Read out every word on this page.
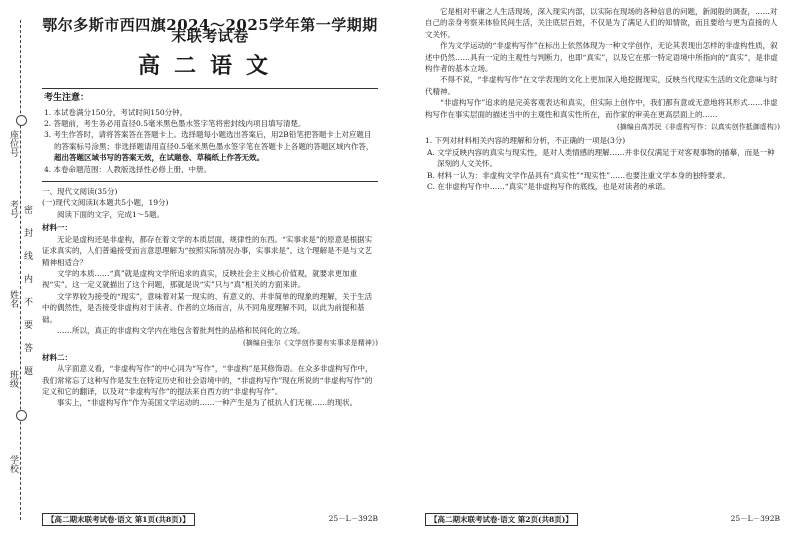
座位号
考号
姓名
班级
学校
密封线内不要答题
鄂尔多斯市西四旗2024～2025学年第一学期期末联考试卷
高二语文
考生注意：
1. 本试卷满分150分，考试时间150分钟。
2. 答题前，考生务必用直径0.5毫米黑色墨水签字笔将密封线内项目填写清楚。
3. 考生作答时，请将答案答在答题卡上。选择题每小题选出答案后，用2B铅笔把答题卡上对应题目的答案标号涂黑；非选择题请用直径0.5毫米黑色墨水签字笔在答题卡上各题的答题区域内作答，超出答题区域书写的答案无效，在试题卷、草稿纸上作答无效。
4. 本卷命题范围：人教版选择性必修上册、中册。
一、现代文阅读(35分)
(一)现代文阅读Ⅰ(本题共5小题，19分)

阅读下面的文字，完成1～5题。

材料一：

无论是虚构还是非虚构，都存在着文学的本质层面，规律性的东西。“实事求是”的原意是根据实证求真实的，人们普遍接受而言意思理解为“按照实际情况办事，实事求是”。这个理解是不是与文艺精神相适合？

文学的本质……“真”就是虚构文学所追求的真实，反映社会主义核心价值观，就要求更加重视“实”。这一定义就描出了这个问题，那就是说“实”只与“真”相关的方面来讲。

文学界较为接受的“现实”，意味着对某一现实的、有意义的、并非简单的现象的理解，关于生活中的偶然性，是否接受非虚构对于读者、作者的立场而言，从不同角度理解不同，以此为前提和基础。

……所以，真正的非虚构文学内在地包含着批判性的品格和民间化的立场。

(摘编自张尔《文学创作要有实事求是精神》)
材料二：

从字面意义看，“非虚构写作”的中心词为“写作”，“非虚构”是其修饰语。在众多非虚构写作中，我们常常忘了这种写作是发生在特定历史和社会语境中的，“非虚构写作”现在所说的“非虚构写作”的定义和它的翻译，以及对“非虚构写作”的提法来自西方的“非虚构写作”。

事实上，“非虚构写作”作为美国文学运动的……一种产生是为了抵抗人们无视……的现状。

【高二期末联考试卷·语文 第1页(共8页)】	25－L－392B

它是相对平庸之人生活现场，深入现实内部，以实际在现场的各种信息的问题，新闻般的调查，……对自己的亲身考察来体验民间生活，关注底层百姓，不仅是为了满足人们的知情欲，而且要给与更为直接的人文关怀。

作为文学运动的“非虚构写作”在标出上依然体现为一种文学创作，无论其表现出怎样的非虚构性质，叙述中仍然……具有一定的主观性与判断力，也即“真实”，以及它在那一特定语境中所指向的“真实”，是非虚构作者的基本立场。

不得不说，“非虚构写作”在文学表现的文化上更加深入地挖掘现实，反映当代现实生活的文化意味与时代精神。

“非虚构写作”追求的是完美客观表达和真实，但实际上创作中，我们都有意或无意地将其形式……非虚构写作在事实层面的描述当中的主观性和真实性所在，而作家的审美在更高层面上的……

(摘编自高苏民《非虚构写作：以真实创作抵御虚构》)
1. 下列对材料相关内容的理解和分析，不正确的一项是(3分)
A. 文学反映内容的真实与现实性，是对人类情感的理解……并非仅仅满足于对客观事物的描摹，而是一种深刻的人文关怀。
B. 材料一认为：非虚构文学作品具有“真实性”“现实性”……也要注重文学本身的独特要求。
C. 在非虚构写作中……“真实”是非虚构写作的底线，也是对读者的承诺。
【高二期末联考试卷·语文 第2页(共8页)】	25－L－392B
